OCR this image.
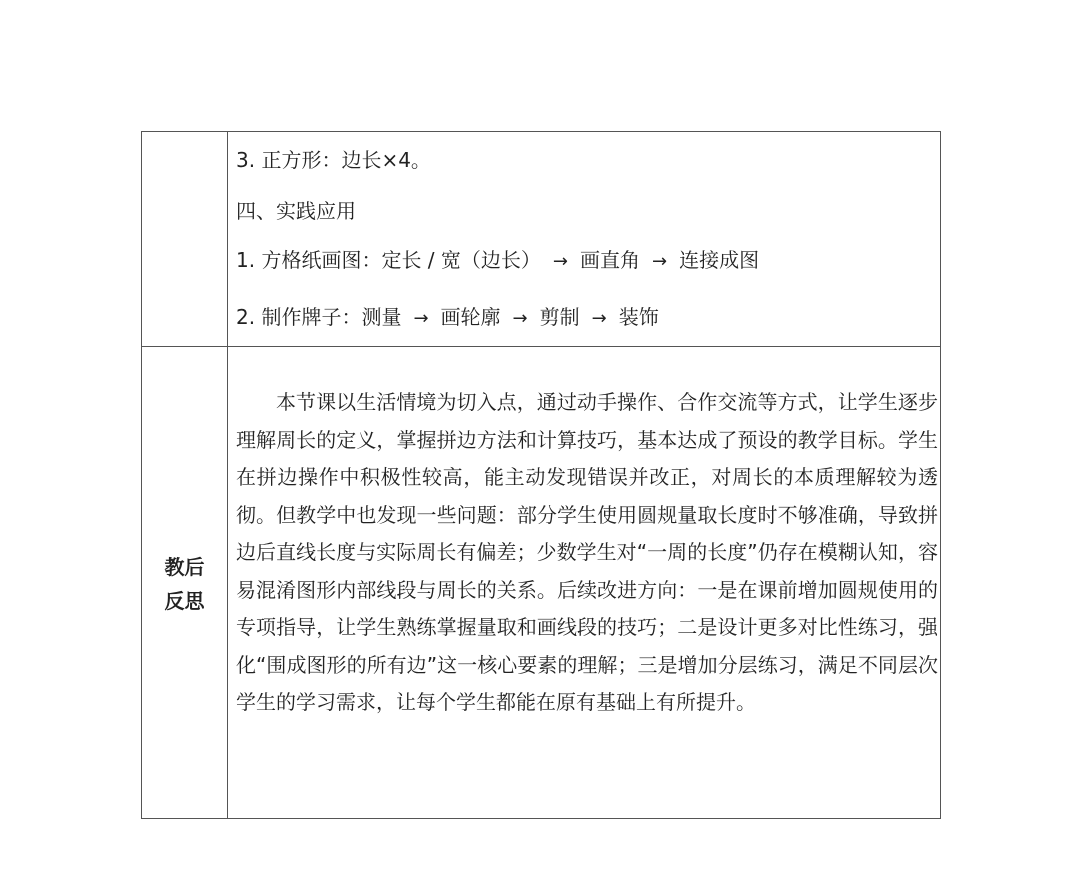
3. 正方形：边长×4。
四、实践应用
1. 方格纸画图：定长 / 宽（边长） → 画直角 → 连接成图
2. 制作牌子：测量 → 画轮廓 → 剪制 → 装饰
教后
反思
本节课以生活情境为切入点，通过动手操作、合作交流等方式，让学生逐步理解周长的定义，掌握拼边方法和计算技巧，基本达成了预设的教学目标。学生在拼边操作中积极性较高，能主动发现错误并改正，对周长的本质理解较为透彻。但教学中也发现一些问题：部分学生使用圆规量取长度时不够准确，导致拼边后直线长度与实际周长有偏差；少数学生对“一周的长度”仍存在模糊认知，容易混淆图形内部线段与周长的关系。后续改进方向：一是在课前增加圆规使用的专项指导，让学生熟练掌握量取和画线段的技巧；二是设计更多对比性练习，强化“围成图形的所有边”这一核心要素的理解；三是增加分层练习，满足不同层次学生的学习需求，让每个学生都能在原有基础上有所提升。
